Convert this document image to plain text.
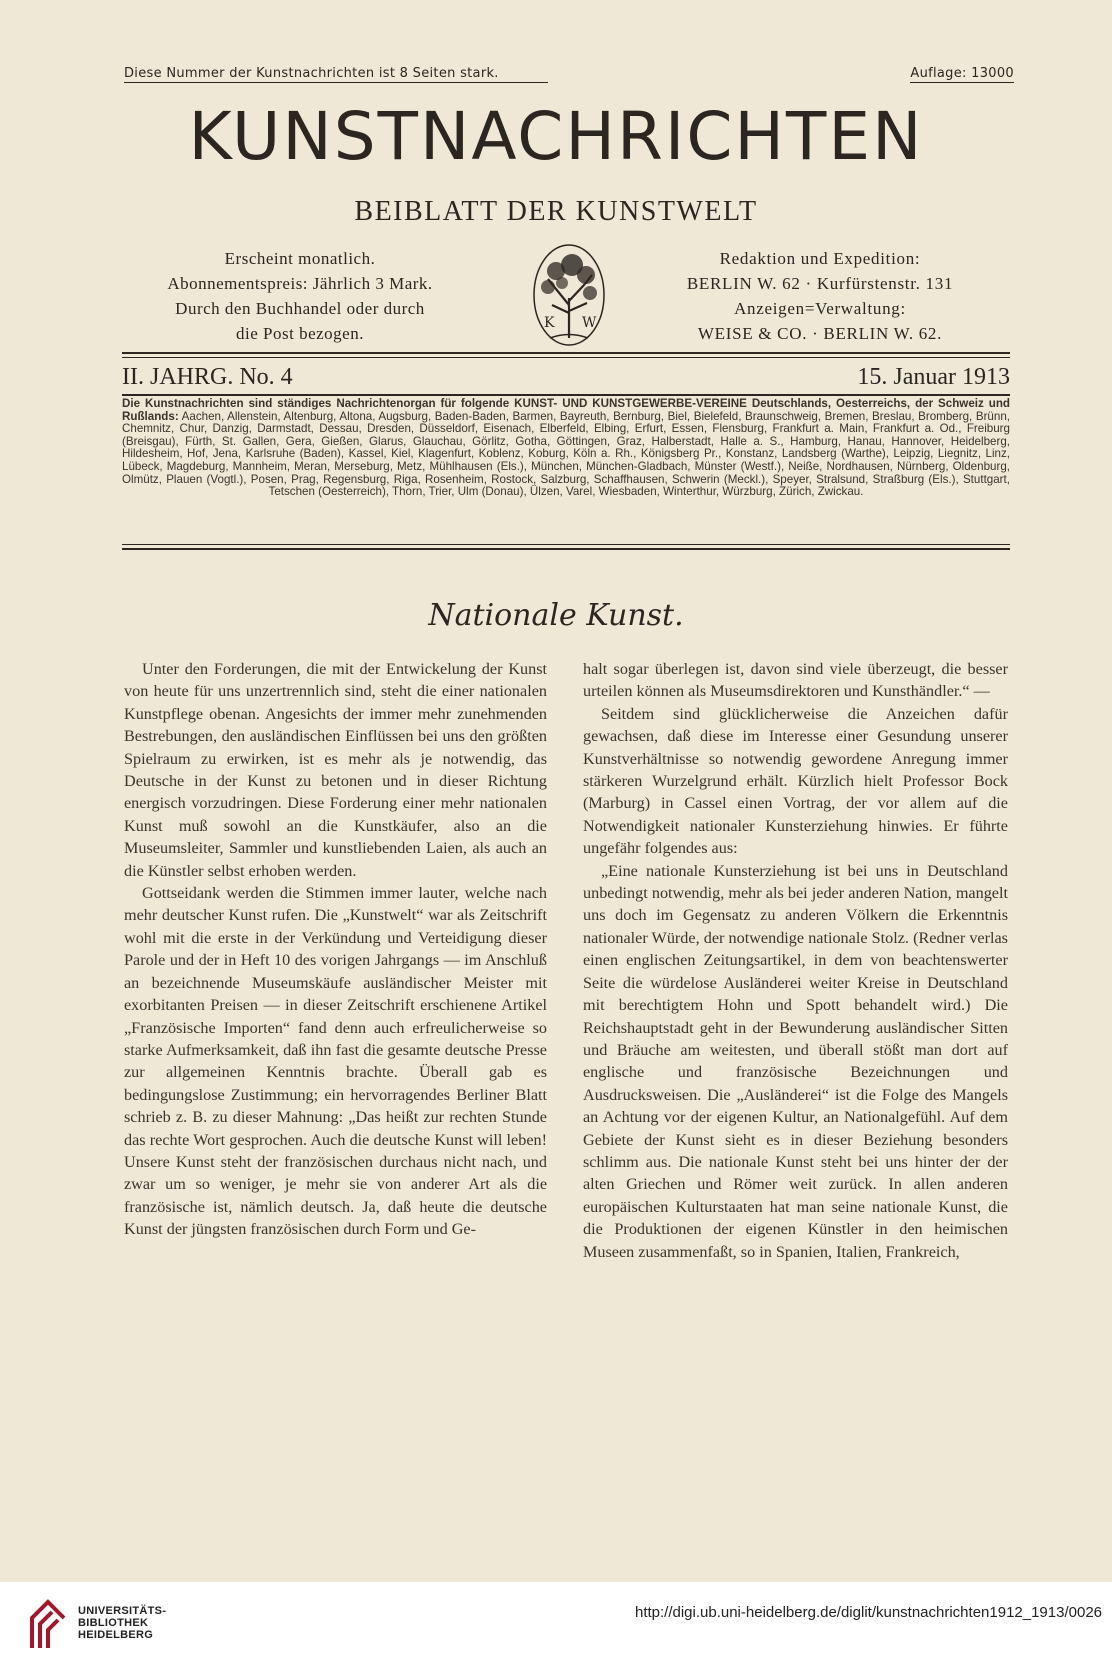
Diese Nummer der Kunstnachrichten ist 8 Seiten stark.	Auflage: 13000
KUNSTNACHRICHTEN
BEIBLATT DER KUNSTWELT
Erscheint monatlich.
Abonnementspreis: Jährlich 3 Mark.
Durch den Buchhandel oder durch
die Post bezogen.
K W
Redaktion und Expedition:
BERLIN W. 62 · Kurfürstenstr. 131
Anzeigen=Verwaltung:
WEISE & CO. · BERLIN W. 62.
II. JAHRG. No. 4	15. Januar 1913
Die Kunstnachrichten sind ständiges Nachrichtenorgan für folgende KUNST- UND KUNSTGEWERBE-VEREINE Deutschlands, Oesterreichs, der Schweiz und Rußlands: Aachen, Allenstein, Altenburg, Altona, Augsburg, Baden-Baden, Barmen, Bayreuth, Bernburg, Biel, Bielefeld, Braunschweig, Bremen, Breslau, Bromberg, Brünn, Chemnitz, Chur, Danzig, Darmstadt, Dessau, Dresden, Düsseldorf, Eisenach, Elberfeld, Elbing, Erfurt, Essen, Flensburg, Frankfurt a. Main, Frankfurt a. Od., Freiburg (Breisgau), Fürth, St. Gallen, Gera, Gießen, Glarus, Glauchau, Görlitz, Gotha, Göttingen, Graz, Halberstadt, Halle a. S., Hamburg, Hanau, Hannover, Heidelberg, Hildesheim, Hof, Jena, Karlsruhe (Baden), Kassel, Kiel, Klagenfurt, Koblenz, Koburg, Köln a. Rh., Königsberg Pr., Konstanz, Landsberg (Warthe), Leipzig, Liegnitz, Linz, Lübeck, Magdeburg, Mannheim, Meran, Merseburg, Metz, Mühlhausen (Els.), München, München-Gladbach, Münster (Westf.), Neiße, Nordhausen, Nürnberg, Oldenburg, Olmütz, Plauen (Vogtl.), Posen, Prag, Regensburg, Riga, Rosenheim, Rostock, Salzburg, Schaffhausen, Schwerin (Meckl.), Speyer, Stralsund, Straßburg (Els.), Stuttgart, Tetschen (Oesterreich), Thorn, Trier, Ulm (Donau), Ülzen, Varel, Wiesbaden, Winterthur, Würzburg, Zürich, Zwickau.
Nationale Kunst.

Unter den Forderungen, die mit der Entwickelung der Kunst von heute für uns unzertrennlich sind, steht die einer nationalen Kunstpflege obenan. Angesichts der immer mehr zunehmenden Bestrebungen, den ausländischen Einflüssen bei uns den größten Spielraum zu erwirken, ist es mehr als je notwendig, das Deutsche in der Kunst zu betonen und in dieser Richtung energisch vorzudringen. Diese Forderung einer mehr nationalen Kunst muß sowohl an die Kunstkäufer, also an die Museumsleiter, Sammler und kunstliebenden Laien, als auch an die Künstler selbst erhoben werden.

Gottseidank werden die Stimmen immer lauter, welche nach mehr deutscher Kunst rufen. Die „Kunstwelt“ war als Zeitschrift wohl mit die erste in der Verkündung und Verteidigung dieser Parole und der in Heft 10 des vorigen Jahrgangs — im Anschluß an bezeichnende Museumskäufe ausländischer Meister mit exorbitanten Preisen — in dieser Zeitschrift erschienene Artikel „Französische Importen“ fand denn auch erfreulicherweise so starke Aufmerksamkeit, daß ihn fast die gesamte deutsche Presse zur allgemeinen Kenntnis brachte. Überall gab es bedingungslose Zustimmung; ein hervorragendes Berliner Blatt schrieb z. B. zu dieser Mahnung: „Das heißt zur rechten Stunde das rechte Wort gesprochen. Auch die deutsche Kunst will leben! Unsere Kunst steht der französischen durchaus nicht nach, und zwar um so weniger, je mehr sie von anderer Art als die französische ist, nämlich deutsch. Ja, daß heute die deutsche Kunst der jüngsten französischen durch Form und Ge-

halt sogar überlegen ist, davon sind viele überzeugt, die besser urteilen können als Museumsdirektoren und Kunsthändler.“ —

Seitdem sind glücklicherweise die Anzeichen dafür gewachsen, daß diese im Interesse einer Gesundung unserer Kunstverhältnisse so notwendig gewordene Anregung immer stärkeren Wurzelgrund erhält. Kürzlich hielt Professor Bock (Marburg) in Cassel einen Vortrag, der vor allem auf die Notwendigkeit nationaler Kunsterziehung hinwies. Er führte ungefähr folgendes aus:

„Eine nationale Kunsterziehung ist bei uns in Deutschland unbedingt notwendig, mehr als bei jeder anderen Nation, mangelt uns doch im Gegensatz zu anderen Völkern die Erkenntnis nationaler Würde, der notwendige nationale Stolz. (Redner verlas einen englischen Zeitungsartikel, in dem von beachtenswerter Seite die würdelose Ausländerei weiter Kreise in Deutschland mit berechtigtem Hohn und Spott behandelt wird.) Die Reichshauptstadt geht in der Bewunderung ausländischer Sitten und Bräuche am weitesten, und überall stößt man dort auf englische und französische Bezeichnungen und Ausdrucksweisen. Die „Ausländerei“ ist die Folge des Mangels an Achtung vor der eigenen Kultur, an Nationalgefühl. Auf dem Gebiete der Kunst sieht es in dieser Beziehung besonders schlimm aus. Die nationale Kunst steht bei uns hinter der der alten Griechen und Römer weit zurück. In allen anderen europäischen Kulturstaaten hat man seine nationale Kunst, die die Produktionen der eigenen Künstler in den heimischen Museen zusammenfaßt, so in Spanien, Italien, Frankreich,

UNIVERSITÄTS-
BIBLIOTHEK
HEIDELBERG
http://digi.ub.uni-heidelberg.de/diglit/kunstnachrichten1912_1913/0026
